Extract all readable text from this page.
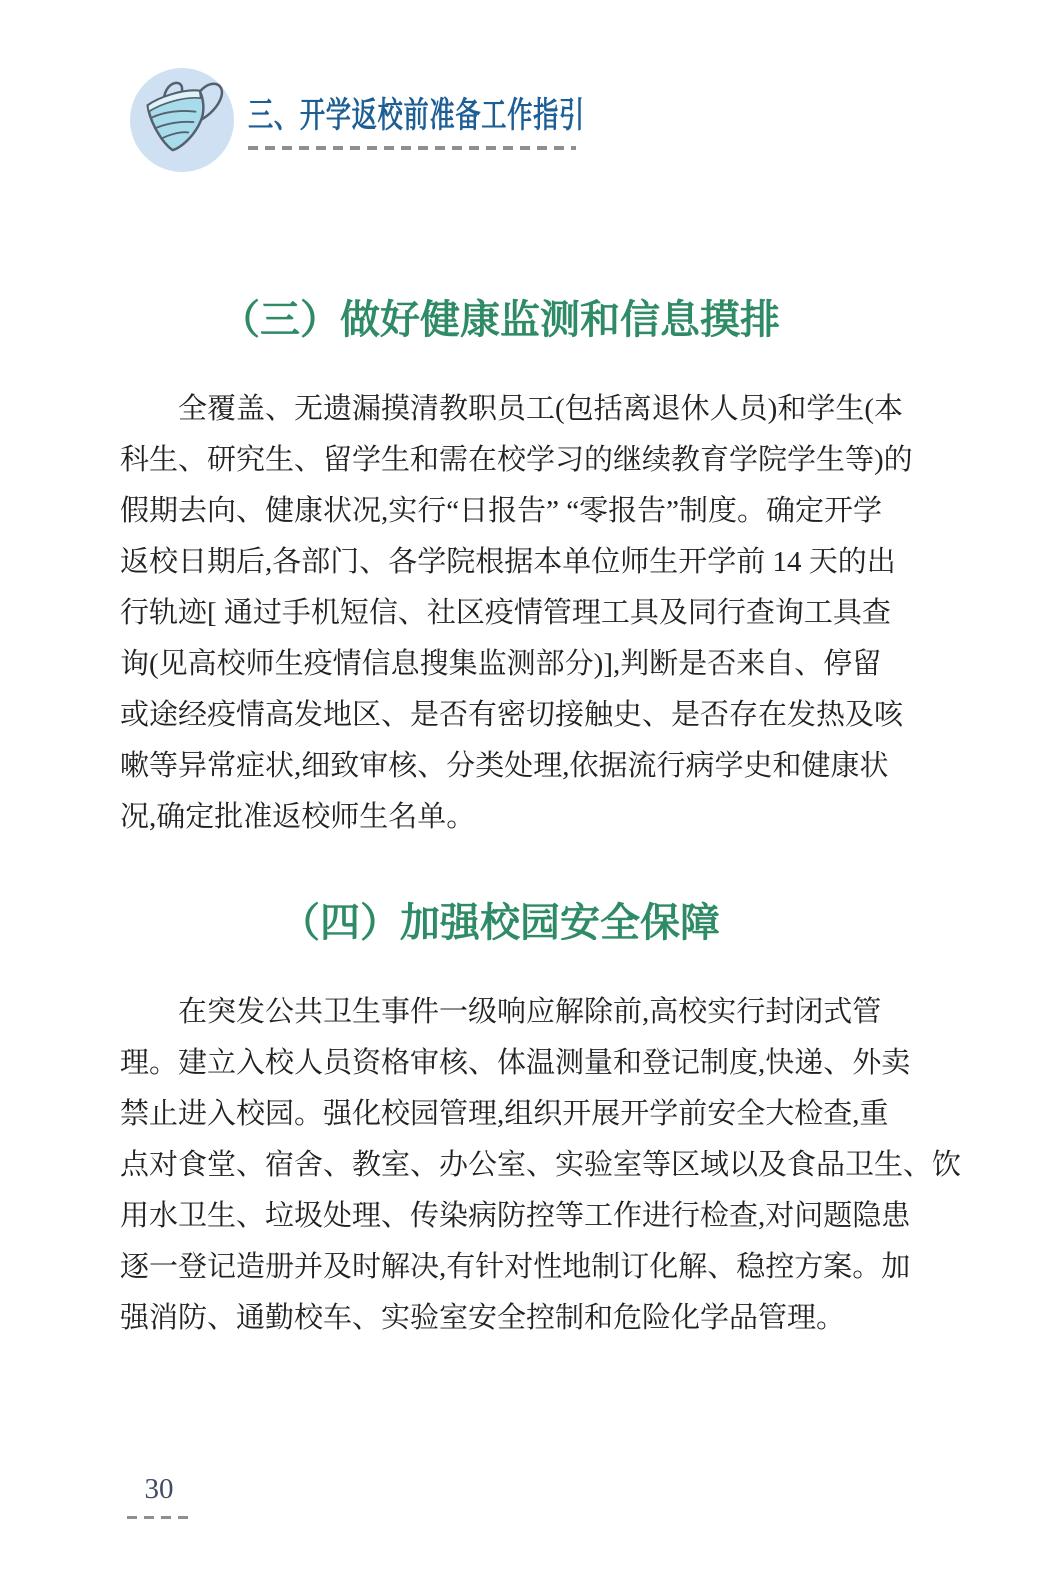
三、开学返校前准备工作指引
（三）做好健康监测和信息摸排
全覆盖、无遗漏摸清教职员工(包括离退休人员)和学生(本
科生、研究生、留学生和需在校学习的继续教育学院学生等)的
假期去向、健康状况,实行“日报告” “零报告”制度。确定开学
返校日期后,各部门、各学院根据本单位师生开学前 14 天的出
行轨迹[ 通过手机短信、社区疫情管理工具及同行查询工具查
询(见高校师生疫情信息搜集监测部分)],判断是否来自、停留
或途经疫情高发地区、是否有密切接触史、是否存在发热及咳
嗽等异常症状,细致审核、分类处理,依据流行病学史和健康状
况,确定批准返校师生名单。
（四）加强校园安全保障
在突发公共卫生事件一级响应解除前,高校实行封闭式管
理。建立入校人员资格审核、体温测量和登记制度,快递、外卖
禁止进入校园。强化校园管理,组织开展开学前安全大检查,重
点对食堂、宿舍、教室、办公室、实验室等区域以及食品卫生、饮
用水卫生、垃圾处理、传染病防控等工作进行检查,对问题隐患
逐一登记造册并及时解决,有针对性地制订化解、稳控方案。加
强消防、通勤校车、实验室安全控制和危险化学品管理。
30
